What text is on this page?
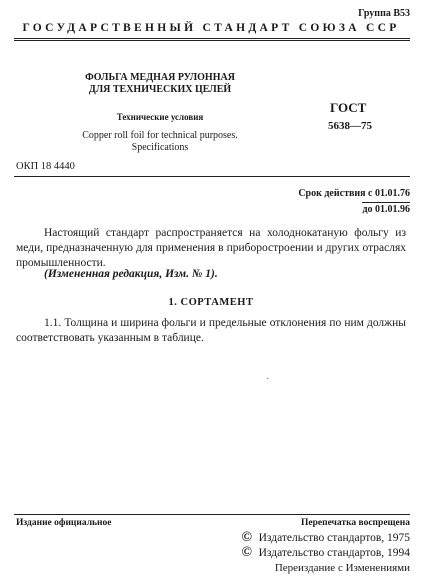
Группа В53
ГОСУДАРСТВЕННЫЙ СТАНДАРТ СОЮЗА ССР
ФОЛЬГА МЕДНАЯ РУЛОННАЯ
ДЛЯ ТЕХНИЧЕСКИХ ЦЕЛЕЙ
Технические условия
Copper roll foil for technical purposes.
Specifications
ГОСТ
5638—75
ОКП 18 4440
Срок действия с 01.01.76
до 01.01.96
Настоящий стандарт распространяется на холоднокатаную фольгу из меди, предназначенную для применения в приборостроении и других отраслях промышленности.
(Измененная редакция, Изм. № 1).
1. СОРТАМЕНТ
1.1. Толщина и ширина фольги и предельные отклонения по ним должны соответствовать указанным в таблице.
·
Издание официальное	Перепечатка воспрещена
© Издательство стандартов, 1975
© Издательство стандартов, 1994
Переиздание с Изменениями
